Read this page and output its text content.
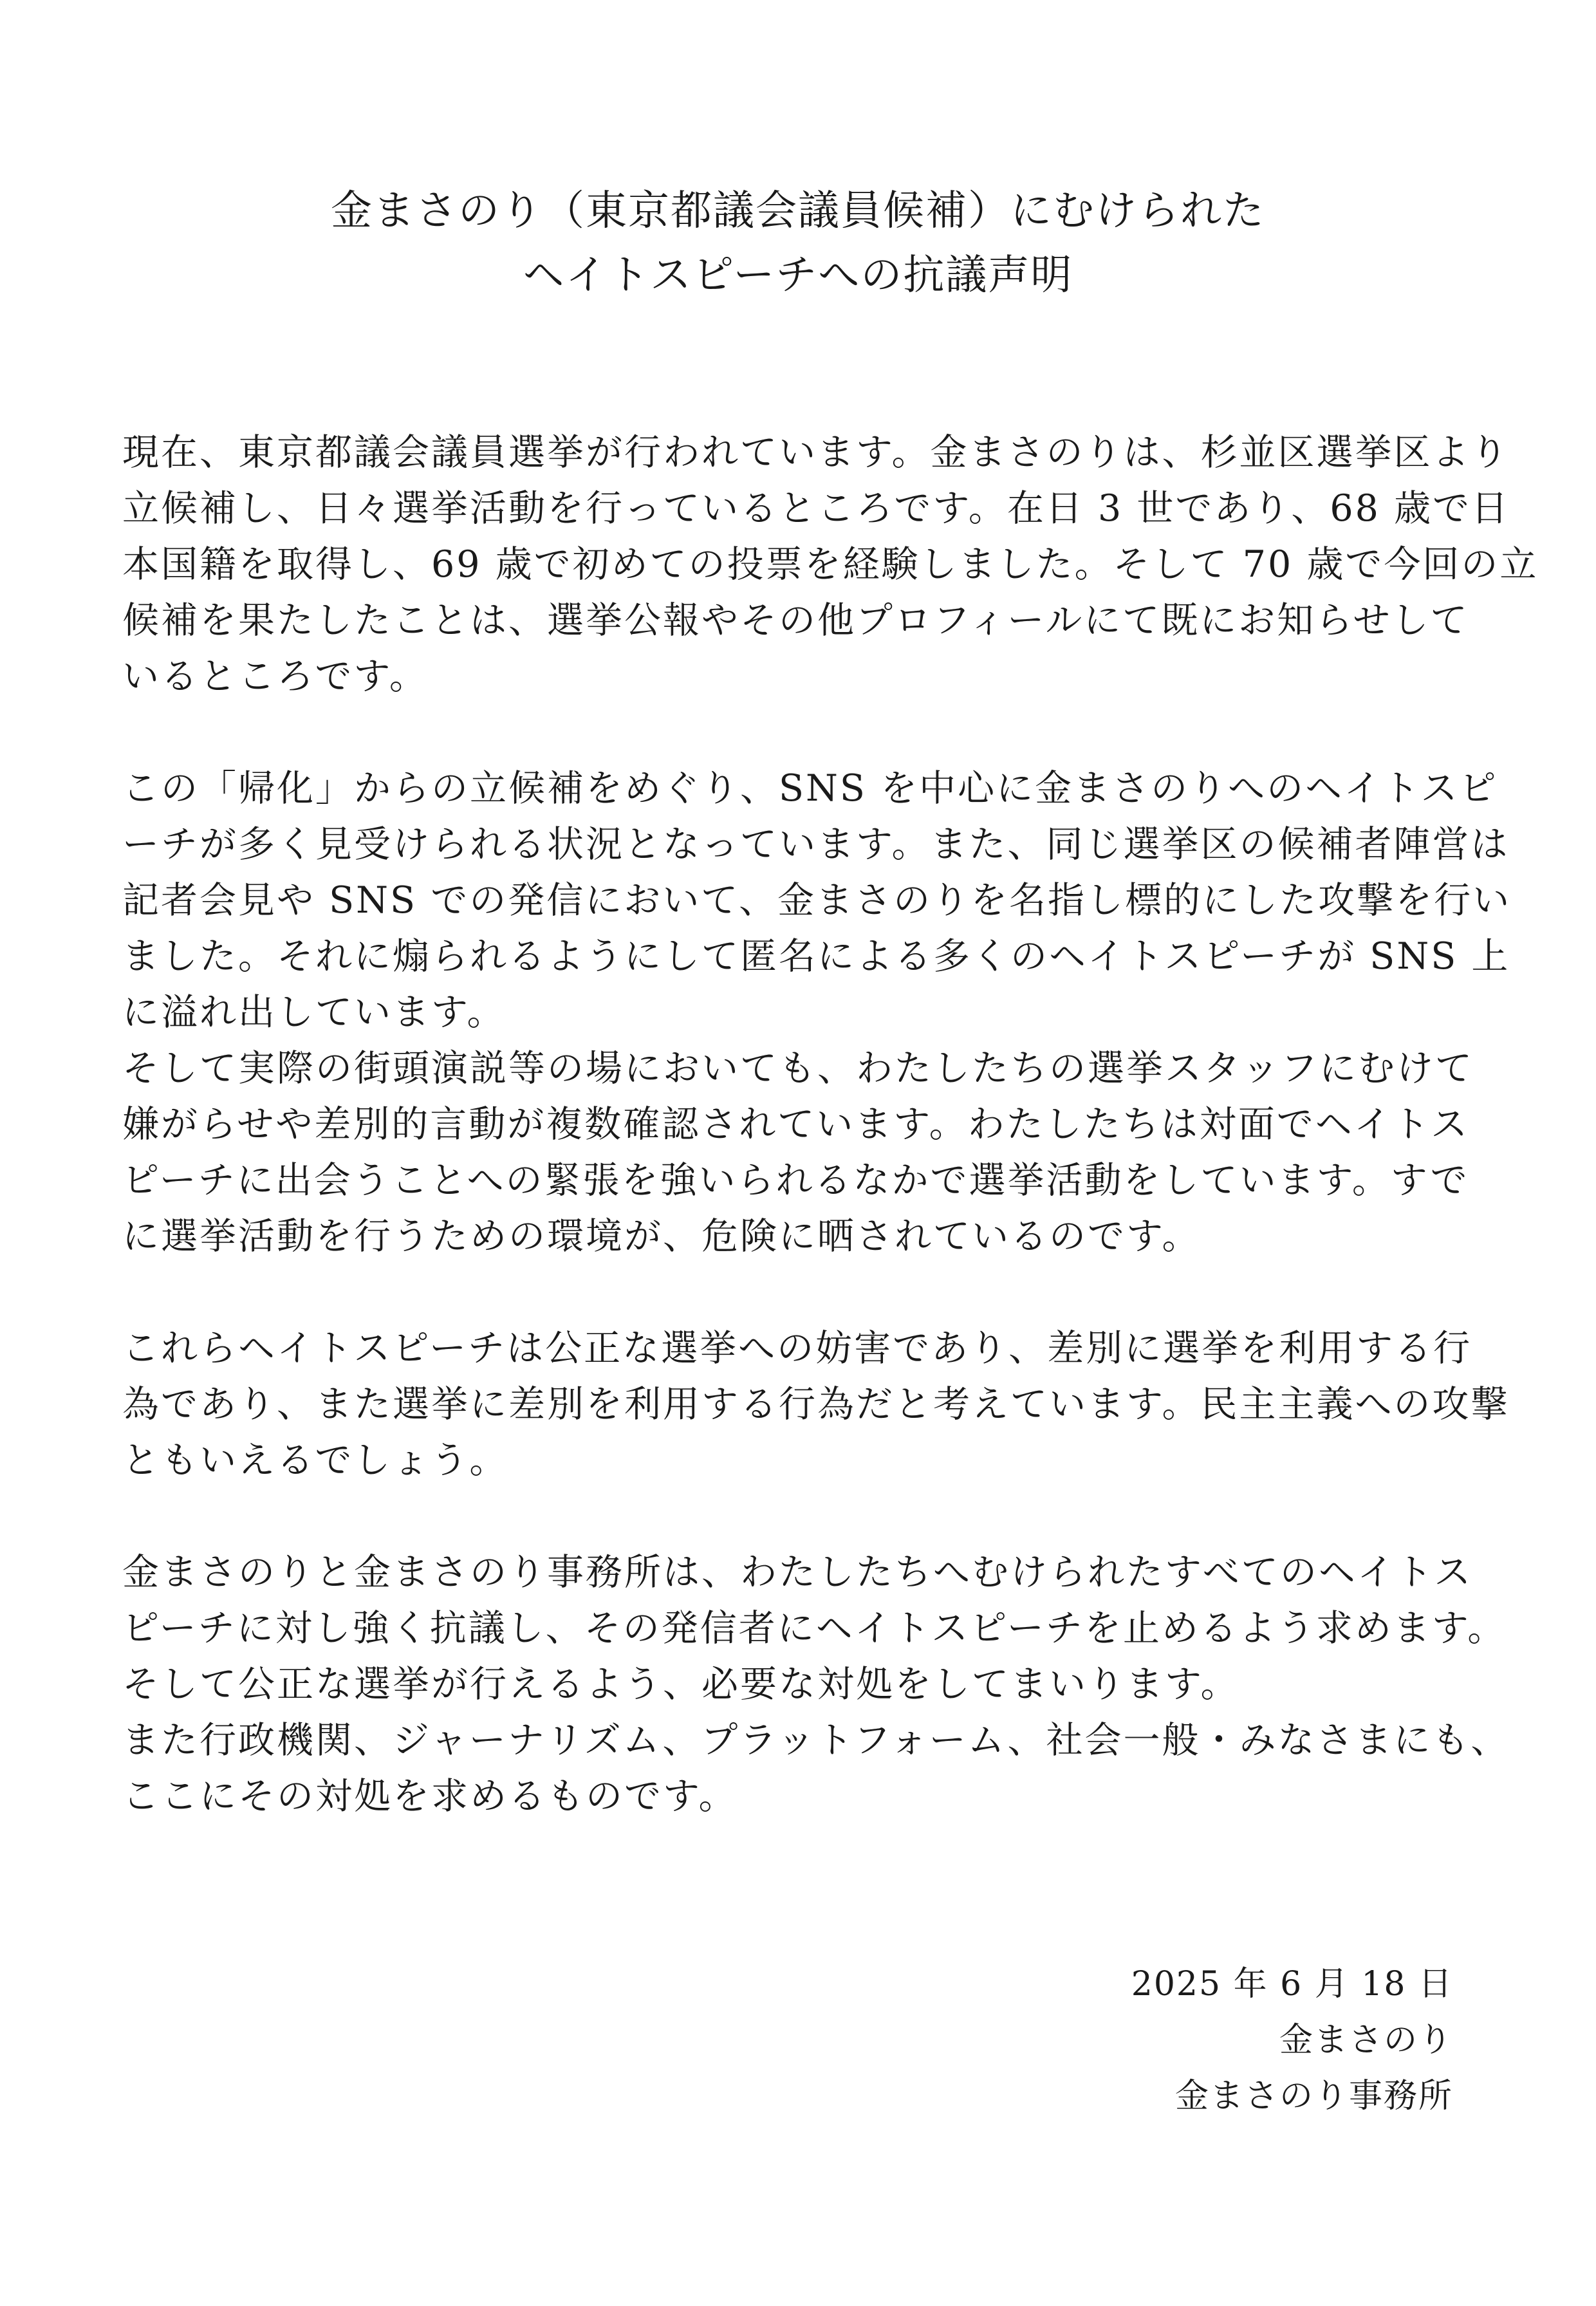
金まさのり（東京都議会議員候補）にむけられた
ヘイトスピーチへの抗議声明
現在、東京都議会議員選挙が行われています。金まさのりは、杉並区選挙区より
立候補し、日々選挙活動を行っているところです。在日 3 世であり、68 歳で日
本国籍を取得し、69 歳で初めての投票を経験しました。そして 70 歳で今回の立
候補を果たしたことは、選挙公報やその他プロフィールにて既にお知らせして
いるところです。
この「帰化」からの立候補をめぐり、SNS を中心に金まさのりへのヘイトスピ
ーチが多く見受けられる状況となっています。また、同じ選挙区の候補者陣営は
記者会見や SNS での発信において、金まさのりを名指し標的にした攻撃を行い
ました。それに煽られるようにして匿名による多くのヘイトスピーチが SNS 上
に溢れ出しています。
そして実際の街頭演説等の場においても、わたしたちの選挙スタッフにむけて
嫌がらせや差別的言動が複数確認されています。わたしたちは対面でヘイトス
ピーチに出会うことへの緊張を強いられるなかで選挙活動をしています。すで
に選挙活動を行うための環境が、危険に晒されているのです。
これらヘイトスピーチは公正な選挙への妨害であり、差別に選挙を利用する行
為であり、また選挙に差別を利用する行為だと考えています。民主主義への攻撃
ともいえるでしょう。
金まさのりと金まさのり事務所は、わたしたちへむけられたすべてのヘイトス
ピーチに対し強く抗議し、その発信者にヘイトスピーチを止めるよう求めます。
そして公正な選挙が行えるよう、必要な対処をしてまいります。
また行政機関、ジャーナリズム、プラットフォーム、社会一般・みなさまにも、
ここにその対処を求めるものです。
2025 年 6 月 18 日
金まさのり
金まさのり事務所
